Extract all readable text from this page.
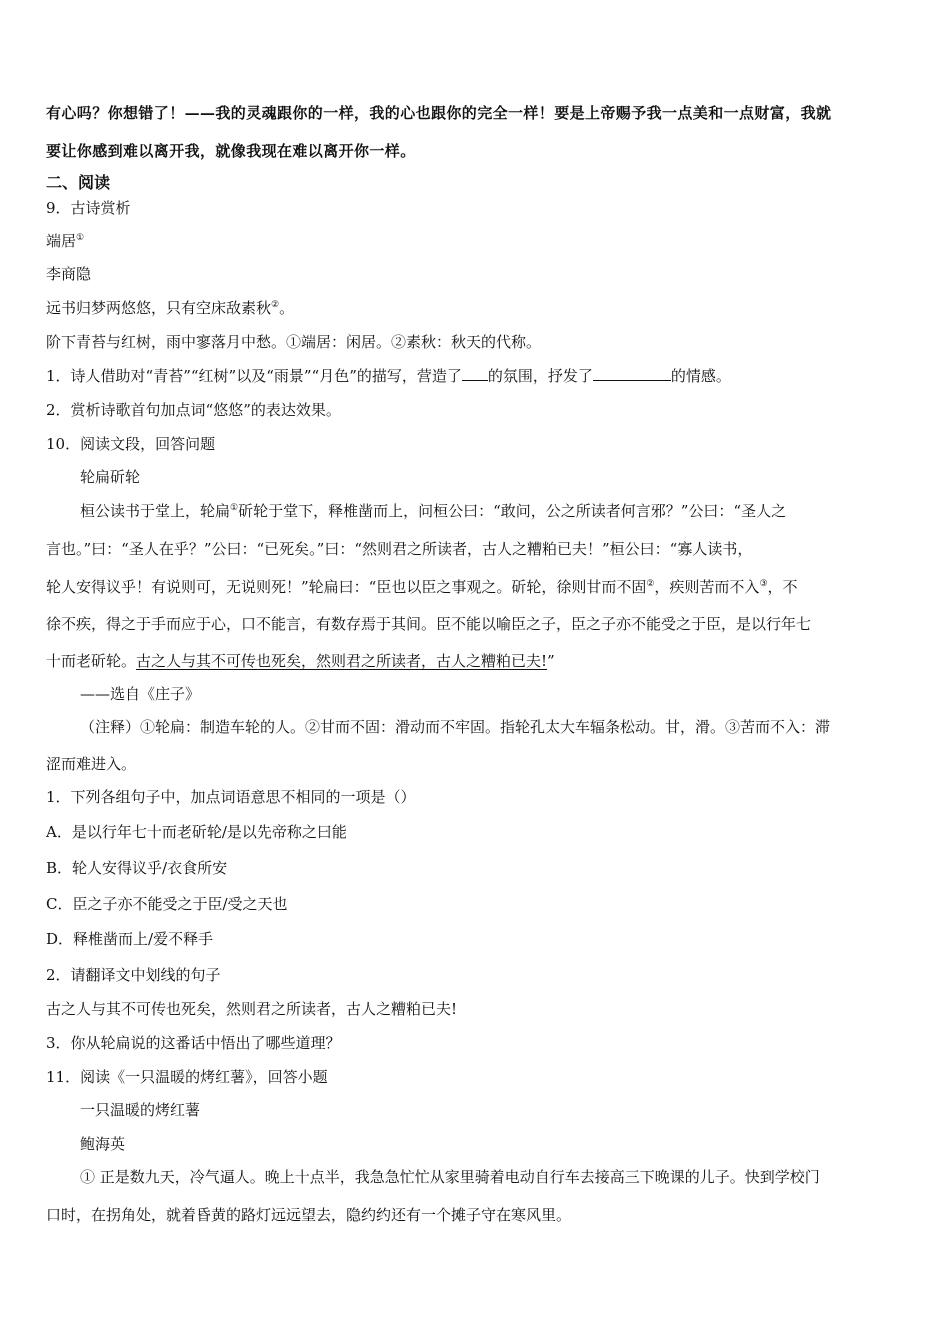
有心吗？你想错了！——我的灵魂跟你的一样，我的心也跟你的完全一样！要是上帝赐予我一点美和一点财富，我就
要让你感到难以离开我，就像我现在难以离开你一样。
二、阅读
9．古诗赏析
端居①
李商隐
远书归梦两悠悠，只有空床敌素秋②。
阶下青苔与红树，雨中寥落月中愁。①端居：闲居。②素秋：秋天的代称。
1．诗人借助对“青苔”“红树”以及“雨景”“月色”的描写，营造了 的氛围，抒发了	的情感。
2．赏析诗歌首句加点词“悠悠”的表达效果。
10．阅读文段，回答问题
轮扁斫轮
桓公读书于堂上，轮扁①斫轮于堂下，释椎凿而上，问桓公曰：“敢问，公之所读者何言邪？”公曰：“圣人之
言也。”曰：“圣人在乎？”公曰：“已死矣。”曰：“然则君之所读者，古人之糟粕已夫！”桓公曰：“寡人读书，
轮人安得议乎！有说则可，无说则死！”轮扁曰：“臣也以臣之事观之。斫轮，徐则甘而不固②，疾则苦而不入③，不
徐不疾，得之于手而应于心，口不能言，有数存焉于其间。臣不能以喻臣之子，臣之子亦不能受之于臣，是以行年七
十而老斫轮。古之人与其不可传也死矣，然则君之所读者，古人之糟粕已夫!”
——选自《庄子》
（注释）①轮扁：制造车轮的人。②甘而不固：滑动而不牢固。指轮孔太大车辐条松动。甘，滑。③苦而不入：滞
涩而难进入。
1．下列各组句子中，加点词语意思不相同的一项是（）
A．是以行年七十而老斫轮/是以先帝称之曰能
B．轮人安得议乎/衣食所安
C．臣之子亦不能受之于臣/受之天也
D．释椎凿而上/爱不释手
2．请翻译文中划线的句子
古之人与其不可传也死矣，然则君之所读者，古人之糟粕已夫!
3．你从轮扁说的这番话中悟出了哪些道理？
11．阅读《一只温暖的烤红薯》，回答小题
一只温暖的烤红薯
鲍海英
① 正是数九天，冷气逼人。晚上十点半，我急急忙忙从家里骑着电动自行车去接高三下晚课的儿子。快到学校门
口时，在拐角处，就着昏黄的路灯远远望去，隐约约还有一个摊子守在寒风里。
